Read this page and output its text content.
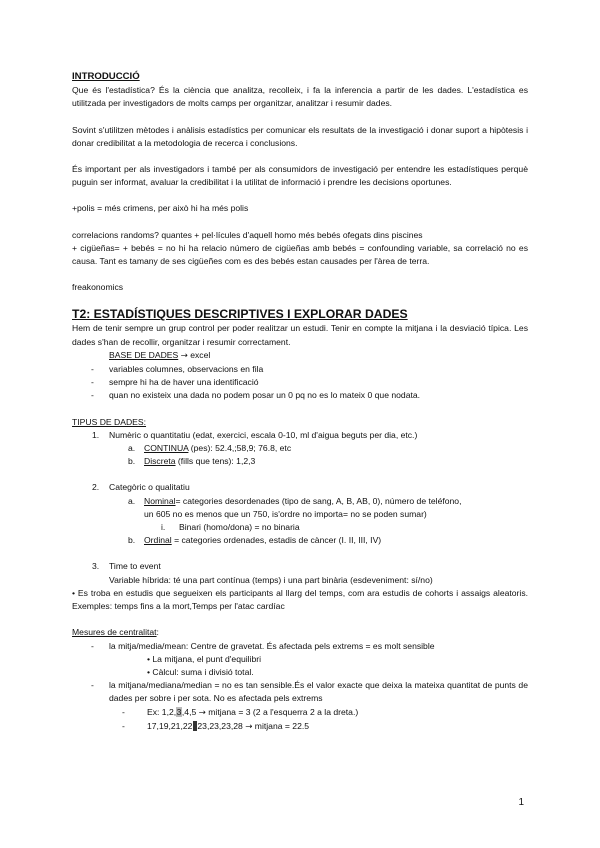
INTRODUCCIÓ

Que és l'estadística? És la ciència que analitza, recolleix, i fa la inferencia a partir de les dades. L'estadística es utilitzada per investigadors de molts camps per organitzar, analitzar i resumir dades.

Sovint s'utilitzen mètodes i anàlisis estadístics per comunicar els resultats de la investigació i donar suport a hipòtesis i donar credibilitat a la metodologia de recerca i conclusions.

És important per als investigadors i també per als consumidors de investigació per entendre les estadístiques perquè puguin ser informat, avaluar la credibilitat i la utilitat de informació i prendre les decisions oportunes.

+polis = més crimens, per això hi ha més polis

correlacions randoms? quantes + pel·lícules d'aquell homo més bebés ofegats dins piscines

+ cigüeñas= + bebés = no hi ha relacio número de cigüeñas amb bebés = confounding variable, sa correlació no es causa. Tant es tamany de ses cigüeñes com es des bebés estan causades per l'àrea de terra.

freakonomics

T2: ESTADÍSTIQUES DESCRIPTIVES I EXPLORAR DADES

Hem de tenir sempre un grup control per poder realitzar un estudi. Tenir en compte la mitjana i la desviació típica. Les dades s'han de recollir, organitzar i resumir correctament.

BASE DE DADES → excel
- variables columnes, observacions en fila
- sempre hi ha de haver una identificació
- quan no existeix una dada no podem posar un 0 pq no es lo mateix 0 que nodata.

TIPUS DE DADES:

1. Numèric o quantitatiu (edat, exercici, escala 0-10, ml d'aigua beguts per dia, etc.)
a. CONTINUA (pes): 52.4,;58,9; 76.8, etc
b. Discreta (fills que tens): 1,2,3
2. Categòric o qualitatiu
a. Nominal= categories desordenades (tipo de sang, A, B, AB, 0), número de teléfono,
un 605 no es menos que un 750, is'ordre no importa= no se poden sumar)
i. Binari (homo/dona) = no binaria
b. Ordinal = categories ordenades, estadis de càncer (I. II, III, IV)
3. Time to event
Variable híbrida: té una part contínua (temps) i una part binària (esdeveniment: sí/no)

• Es troba en estudis que segueixen els participants al llarg del temps, com ara estudis de cohorts i assaigs aleatoris. Exemples: temps fins a la mort,Temps per l'atac cardíac

Mesures de centralitat:

- la mitja/media/mean: Centre de gravetat. És afectada pels extrems = es molt sensible
• La mitjana, el punt d'equilibri
• Càlcul: suma i divisió total.
- la mitjana/mediana/median = no es tan sensible.És el valor exacte que deixa la mateixa quantitat de punts de dades per sobre i per sota. No es afectada pels extrems

-	Ex: 1,2,3,4,5 → mitjana = 3 (2 a l'esquerra 2 a la dreta.)
-	17,19,21,22 23,23,23,28 → mitjana = 22.5
1
